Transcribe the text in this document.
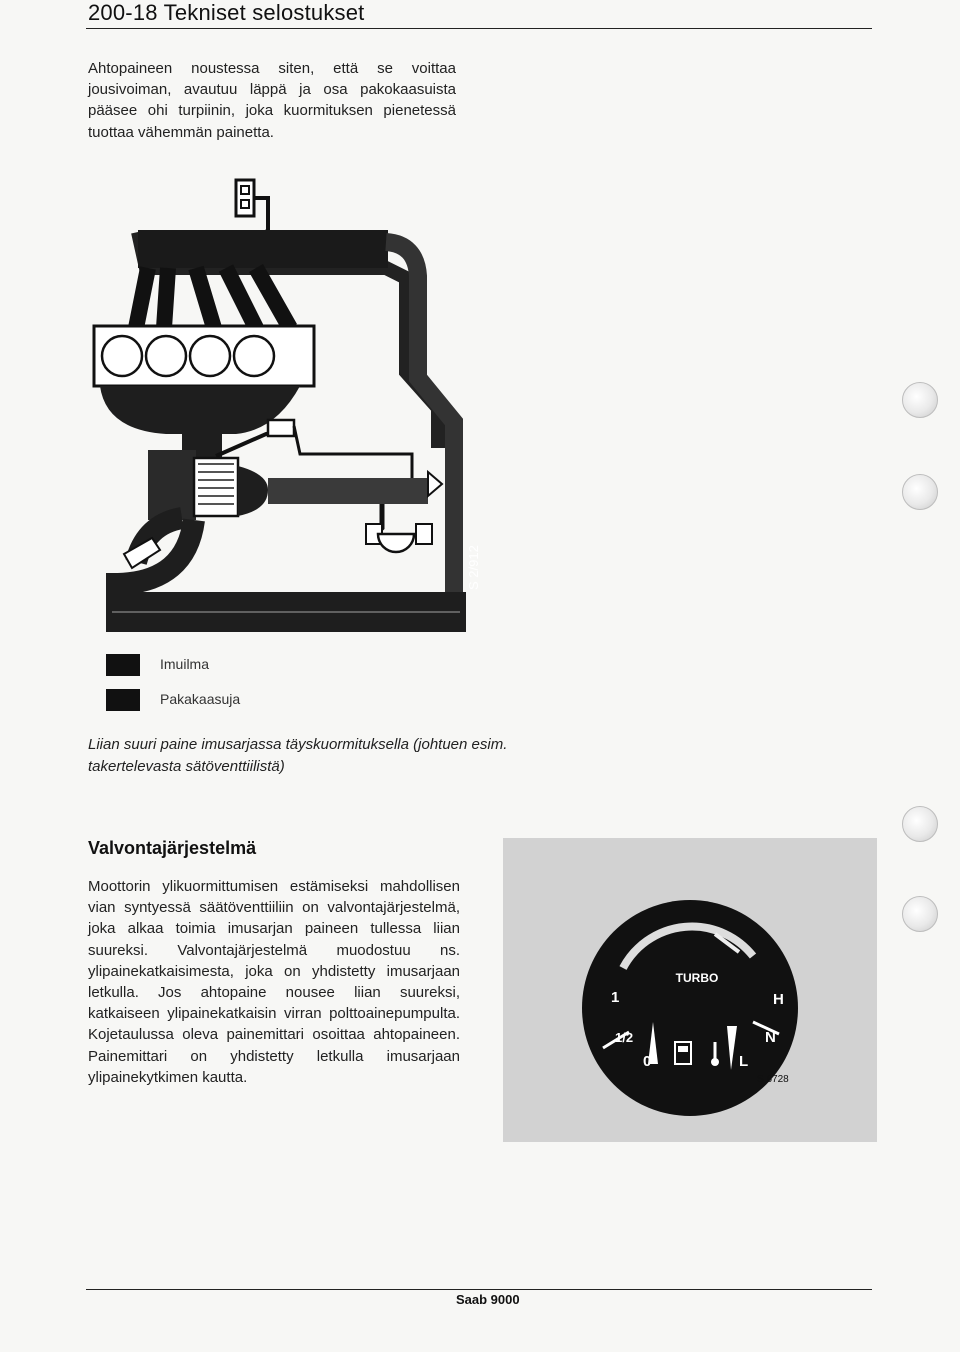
200-18 Tekniset selostukset
Ahtopaineen noustessa siten, että se voittaa jousivoiman, avautuu läppä ja osa pakokaasuista pääsee ohi turpiinin, joka kuormituksen pienetessä tuottaa vähemmän painetta.
S 2/912
Imuilma
Pakakaasuja
Liian suuri paine imusarjassa täyskuormituksella (johtuen esim. takertelevasta sätöventtiilistä)
Valvontajärjestelmä
Moottorin ylikuormittumisen estämiseksi mahdollisen vian syntyessä säätöventtiiliin on valvontajärjestelmä, joka alkaa toimia imusarjan paineen tullessa liian suureksi. Valvontajärjestelmä muodostuu ns. ylipainekatkaisimesta, joka on yhdistetty imusarjaan letkulla. Jos ahtopaine nousee liian suureksi, katkaiseen ylipainekatkaisin virran polttoainepumpulta. Kojetaulussa oleva painemittari osoittaa ahtopaineen. Painemittari on yhdistetty letkulla imusarjaan ylipainekytkimen kautta.
TURBO
1
1/2
0
H
N
L
S 6728
Saab 9000
